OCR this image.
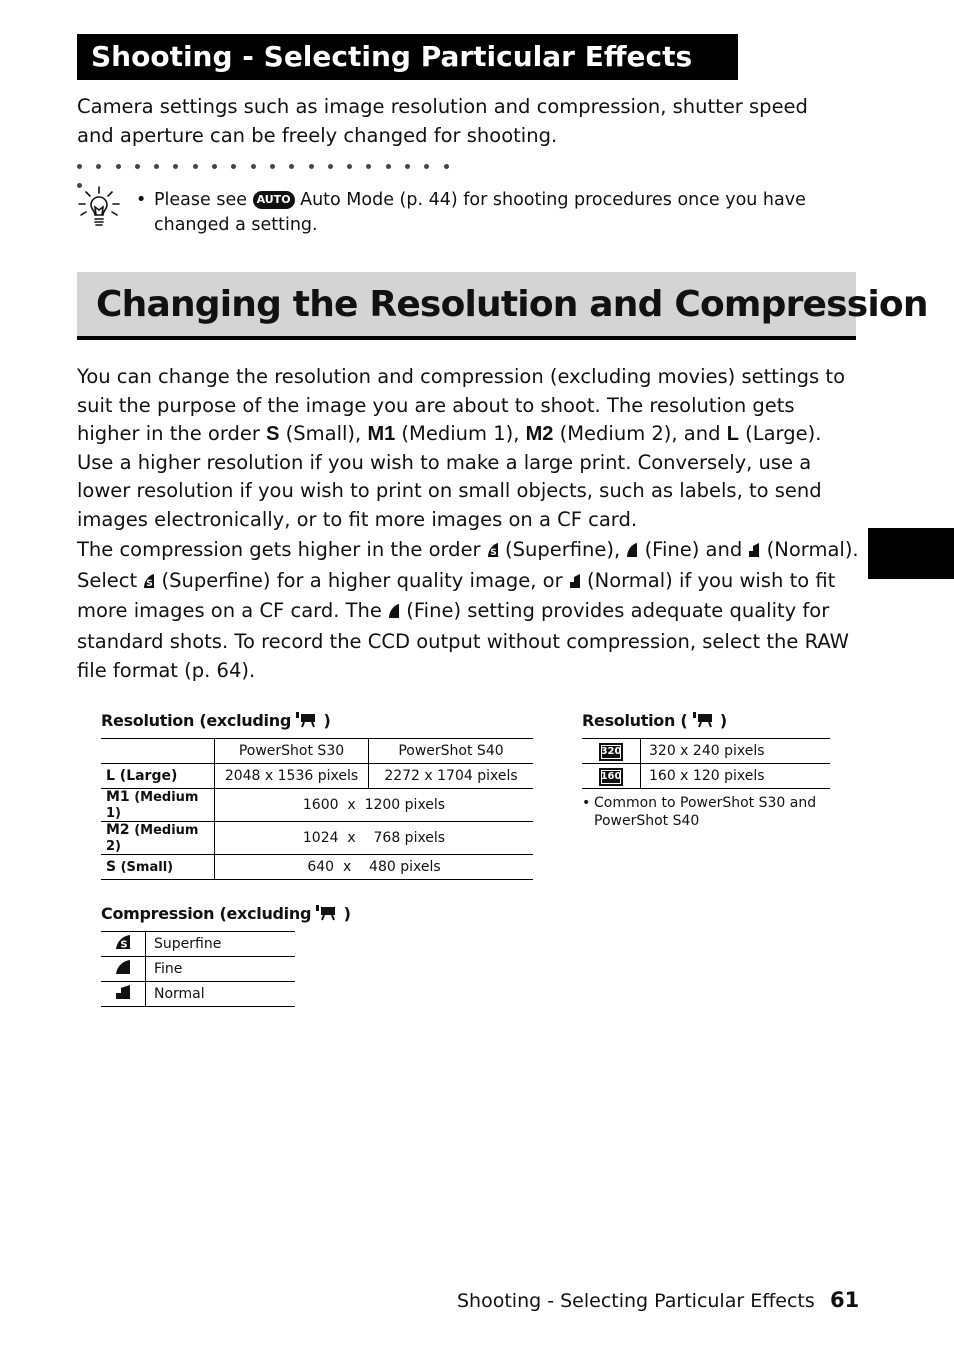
Shooting - Selecting Particular Effects
Camera settings such as image resolution and compression, shutter speed and aperture can be freely changed for shooting.
• Please see AUTO Auto Mode (p. 44) for shooting procedures once you have changed a setting.
Changing the Resolution and Compression
You can change the resolution and compression (excluding movies) settings to suit the purpose of the image you are about to shoot. The resolution gets higher in the order S (Small), M1 (Medium 1), M2 (Medium 2), and L (Large). Use a higher resolution if you wish to make a large print. Conversely, use a lower resolution if you wish to print on small objects, such as labels, to send images electronically, or to fit more images on a CF card.
The compression gets higher in the order S (Superfine),  (Fine) and  (Normal). Select S (Superfine) for a higher quality image, or  (Normal) if you wish to fit more images on a CF card. The  (Fine) setting provides adequate quality for standard shots. To record the CCD output without compression, select the RAW file format (p. 64).
Resolution (excluding  )
	PowerShot S30	PowerShot S40
L (Large)	2048 x 1536 pixels	2272 x 1704 pixels
M1 (Medium 1)	1600  x  1200 pixels	
M2 (Medium 2)	1024  x    768 pixels	
S (Small)	640  x    480 pixels	
Resolution (  )
320	320 x 240 pixels
160	160 x 120 pixels
• Common to PowerShot S30 and PowerShot S40
Compression (excluding  )
S	Superfine
	Fine
	Normal
Shooting - Selecting Particular Effects 61
